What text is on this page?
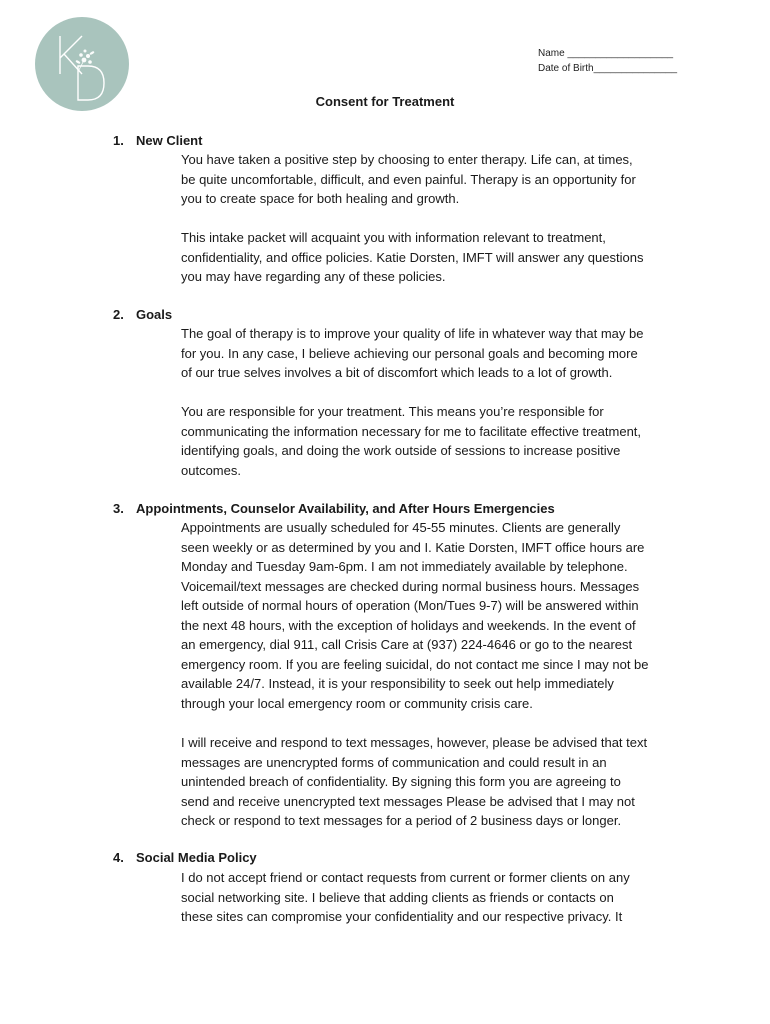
Name ___________________
Date of Birth_______________
Consent for Treatment
1. New Client
You have taken a positive step by choosing to enter therapy. Life can, at times,
be quite uncomfortable, difficult, and even painful. Therapy is an opportunity for
you to create space for both healing and growth.
This intake packet will acquaint you with information relevant to treatment,
confidentiality, and office policies. Katie Dorsten, IMFT will answer any questions
you may have regarding any of these policies.
2. Goals
The goal of therapy is to improve your quality of life in whatever way that may be
for you. In any case, I believe achieving our personal goals and becoming more
of our true selves involves a bit of discomfort which leads to a lot of growth.
You are responsible for your treatment. This means you’re responsible for
communicating the information necessary for me to facilitate effective treatment,
identifying goals, and doing the work outside of sessions to increase positive
outcomes.
3. Appointments, Counselor Availability, and After Hours Emergencies
Appointments are usually scheduled for 45-55 minutes. Clients are generally
seen weekly or as determined by you and I. Katie Dorsten, IMFT office hours are
Monday and Tuesday 9am-6pm. I am not immediately available by telephone.
Voicemail/text messages are checked during normal business hours. Messages
left outside of normal hours of operation (Mon/Tues 9-7) will be answered within
the next 48 hours, with the exception of holidays and weekends. In the event of
an emergency, dial 911, call Crisis Care at (937) 224-4646 or go to the nearest
emergency room. If you are feeling suicidal, do not contact me since I may not be
available 24/7. Instead, it is your responsibility to seek out help immediately
through your local emergency room or community crisis care.
I will receive and respond to text messages, however, please be advised that text
messages are unencrypted forms of communication and could result in an
unintended breach of confidentiality. By signing this form you are agreeing to
send and receive unencrypted text messages Please be advised that I may not
check or respond to text messages for a period of 2 business days or longer.
4. Social Media Policy
I do not accept friend or contact requests from current or former clients on any
social networking site. I believe that adding clients as friends or contacts on
these sites can compromise your confidentiality and our respective privacy. It
